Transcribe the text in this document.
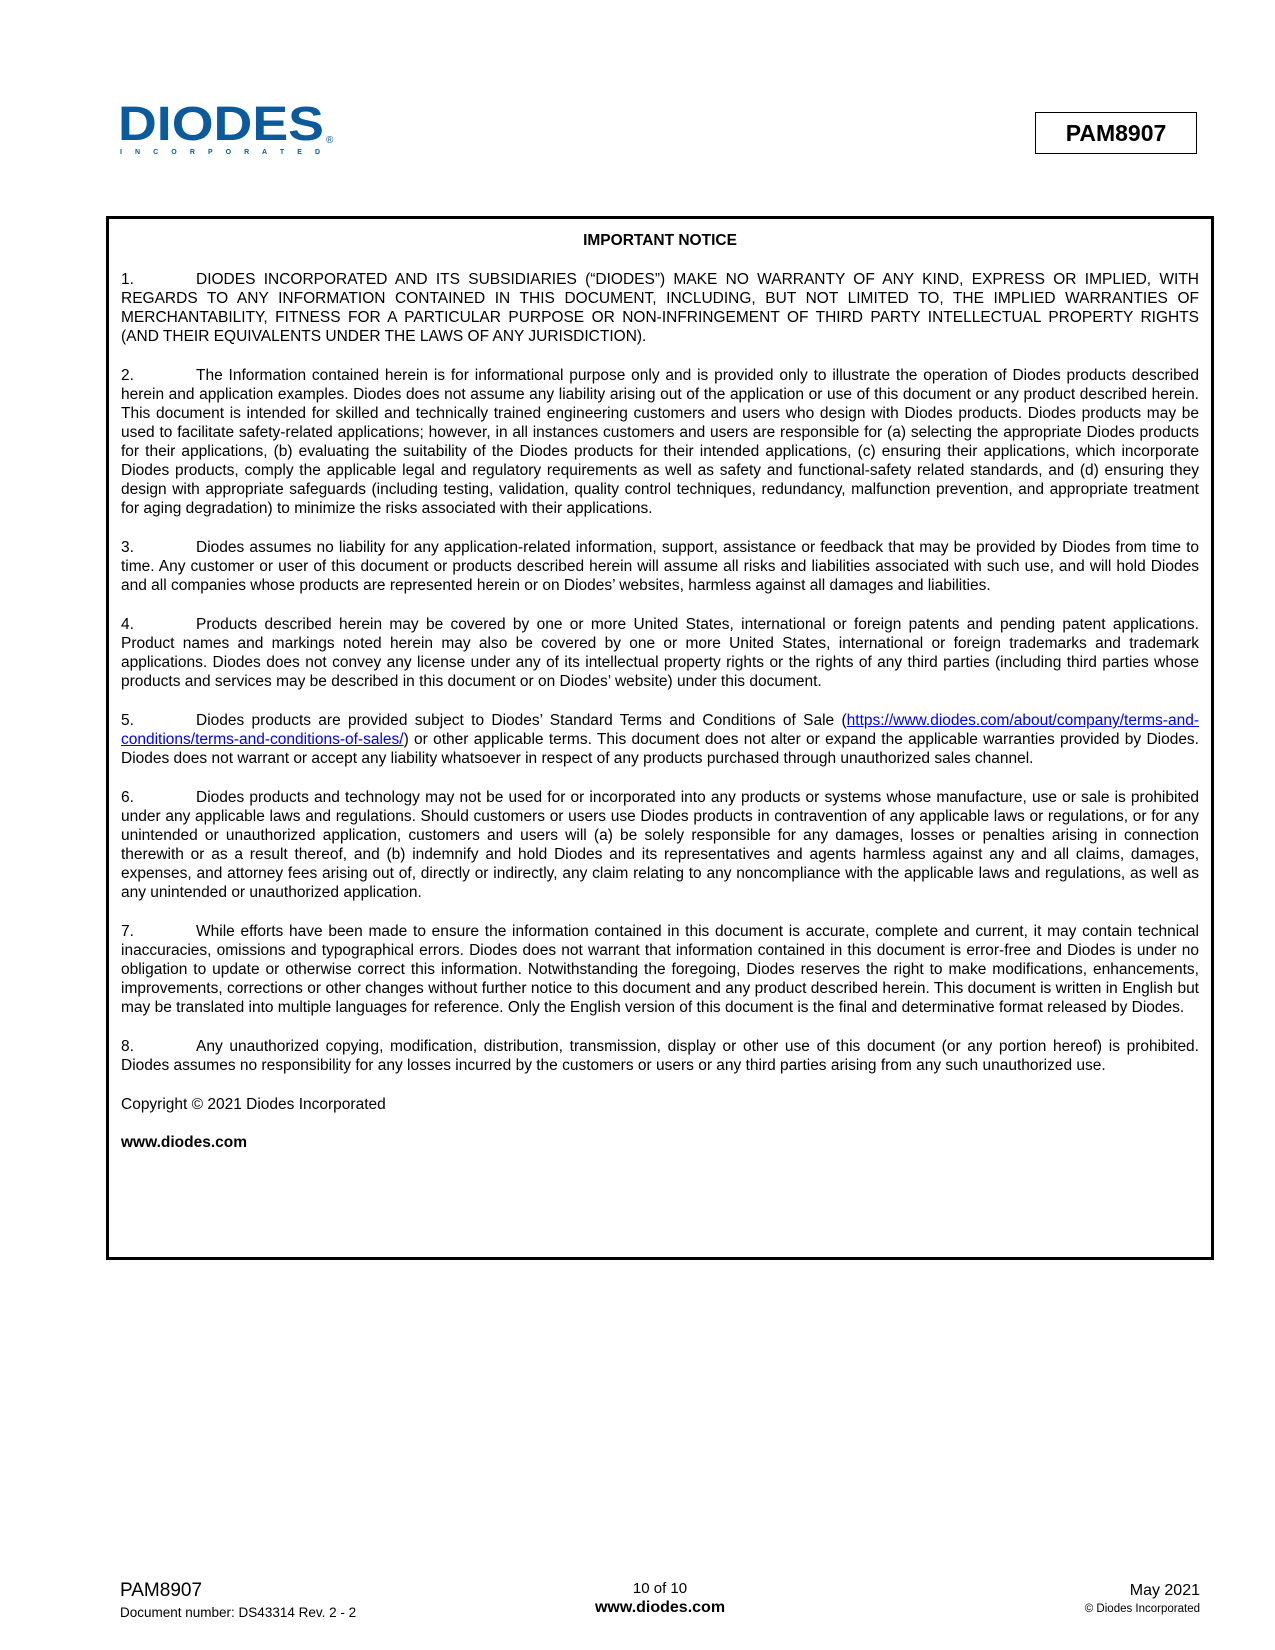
DIODES ®
I N C O R P O R A T E D
PAM8907
IMPORTANT NOTICE

1.	DIODES INCORPORATED AND ITS SUBSIDIARIES (“DIODES”) MAKE NO WARRANTY OF ANY KIND, EXPRESS OR IMPLIED, WITH REGARDS TO ANY INFORMATION CONTAINED IN THIS DOCUMENT, INCLUDING, BUT NOT LIMITED TO, THE IMPLIED WARRANTIES OF MERCHANTABILITY, FITNESS FOR A PARTICULAR PURPOSE OR NON-INFRINGEMENT OF THIRD PARTY INTELLECTUAL PROPERTY RIGHTS (AND THEIR EQUIVALENTS UNDER THE LAWS OF ANY JURISDICTION).

2.	The Information contained herein is for informational purpose only and is provided only to illustrate the operation of Diodes products described herein and application examples. Diodes does not assume any liability arising out of the application or use of this document or any product described herein. This document is intended for skilled and technically trained engineering customers and users who design with Diodes products. Diodes products may be used to facilitate safety-related applications; however, in all instances customers and users are responsible for (a) selecting the appropriate Diodes products for their applications, (b) evaluating the suitability of the Diodes products for their intended applications, (c) ensuring their applications, which incorporate Diodes products, comply the applicable legal and regulatory requirements as well as safety and functional-safety related standards, and (d) ensuring they design with appropriate safeguards (including testing, validation, quality control techniques, redundancy, malfunction prevention, and appropriate treatment for aging degradation) to minimize the risks associated with their applications.

3.	Diodes assumes no liability for any application-related information, support, assistance or feedback that may be provided by Diodes from time to time. Any customer or user of this document or products described herein will assume all risks and liabilities associated with such use, and will hold Diodes and all companies whose products are represented herein or on Diodes’ websites, harmless against all damages and liabilities.

4.	Products described herein may be covered by one or more United States, international or foreign patents and pending patent applications. Product names and markings noted herein may also be covered by one or more United States, international or foreign trademarks and trademark applications. Diodes does not convey any license under any of its intellectual property rights or the rights of any third parties (including third parties whose products and services may be described in this document or on Diodes’ website) under this document.

5.	Diodes products are provided subject to Diodes’ Standard Terms and Conditions of Sale (https://www.diodes.com/about/company/terms-and-conditions/terms-and-conditions-of-sales/) or other applicable terms. This document does not alter or expand the applicable warranties provided by Diodes. Diodes does not warrant or accept any liability whatsoever in respect of any products purchased through unauthorized sales channel.

6.	Diodes products and technology may not be used for or incorporated into any products or systems whose manufacture, use or sale is prohibited under any applicable laws and regulations. Should customers or users use Diodes products in contravention of any applicable laws or regulations, or for any unintended or unauthorized application, customers and users will (a) be solely responsible for any damages, losses or penalties arising in connection therewith or as a result thereof, and (b) indemnify and hold Diodes and its representatives and agents harmless against any and all claims, damages, expenses, and attorney fees arising out of, directly or indirectly, any claim relating to any noncompliance with the applicable laws and regulations, as well as any unintended or unauthorized application.

7.	While efforts have been made to ensure the information contained in this document is accurate, complete and current, it may contain technical inaccuracies, omissions and typographical errors. Diodes does not warrant that information contained in this document is error-free and Diodes is under no obligation to update or otherwise correct this information. Notwithstanding the foregoing, Diodes reserves the right to make modifications, enhancements, improvements, corrections or other changes without further notice to this document and any product described herein. This document is written in English but may be translated into multiple languages for reference. Only the English version of this document is the final and determinative format released by Diodes.

8.	Any unauthorized copying, modification, distribution, transmission, display or other use of this document (or any portion hereof) is prohibited. Diodes assumes no responsibility for any losses incurred by the customers or users or any third parties arising from any such unauthorized use.

Copyright © 2021 Diodes Incorporated
www.diodes.com
PAM8907
Document number: DS43314 Rev. 2 - 2
10 of 10
www.diodes.com
May 2021
© Diodes Incorporated
